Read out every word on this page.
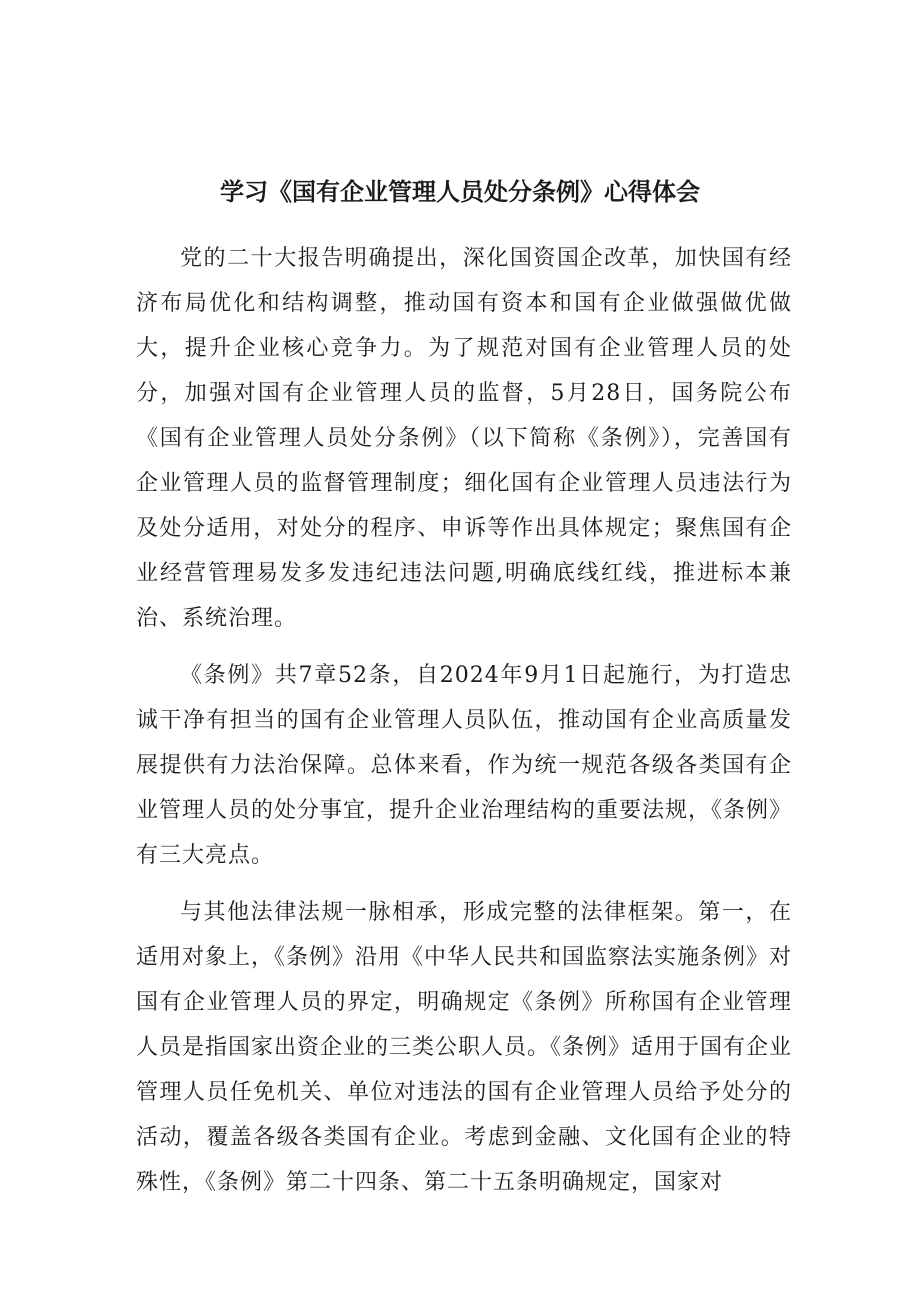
学习《国有企业管理人员处分条例》心得体会

党的二十大报告明确提出，深化国资国企改革，加快国有经济布局优化和结构调整，推动国有资本和国有企业做强做优做大，提升企业核心竞争力。为了规范对国有企业管理人员的处分，加强对国有企业管理人员的监督，5月28日，国务院公布《国有企业管理人员处分条例》（以下简称《条例》），完善国有企业管理人员的监督管理制度；细化国有企业管理人员违法行为及处分适用，对处分的程序、申诉等作出具体规定；聚焦国有企业经营管理易发多发违纪违法问题,明确底线红线，推进标本兼治、系统治理。

《条例》共7章52条，自2024年9月1日起施行，为打造忠诚干净有担当的国有企业管理人员队伍，推动国有企业高质量发展提供有力法治保障。总体来看，作为统一规范各级各类国有企业管理人员的处分事宜，提升企业治理结构的重要法规，《条例》有三大亮点。

与其他法律法规一脉相承，形成完整的法律框架。第一，在适用对象上，《条例》沿用《中华人民共和国监察法实施条例》对国有企业管理人员的界定，明确规定《条例》所称国有企业管理人员是指国家出资企业的三类公职人员。《条例》适用于国有企业管理人员任免机关、单位对违法的国有企业管理人员给予处分的活动，覆盖各级各类国有企业。考虑到金融、文化国有企业的特殊性，《条例》第二十四条、第二十五条明确规定，国家对
